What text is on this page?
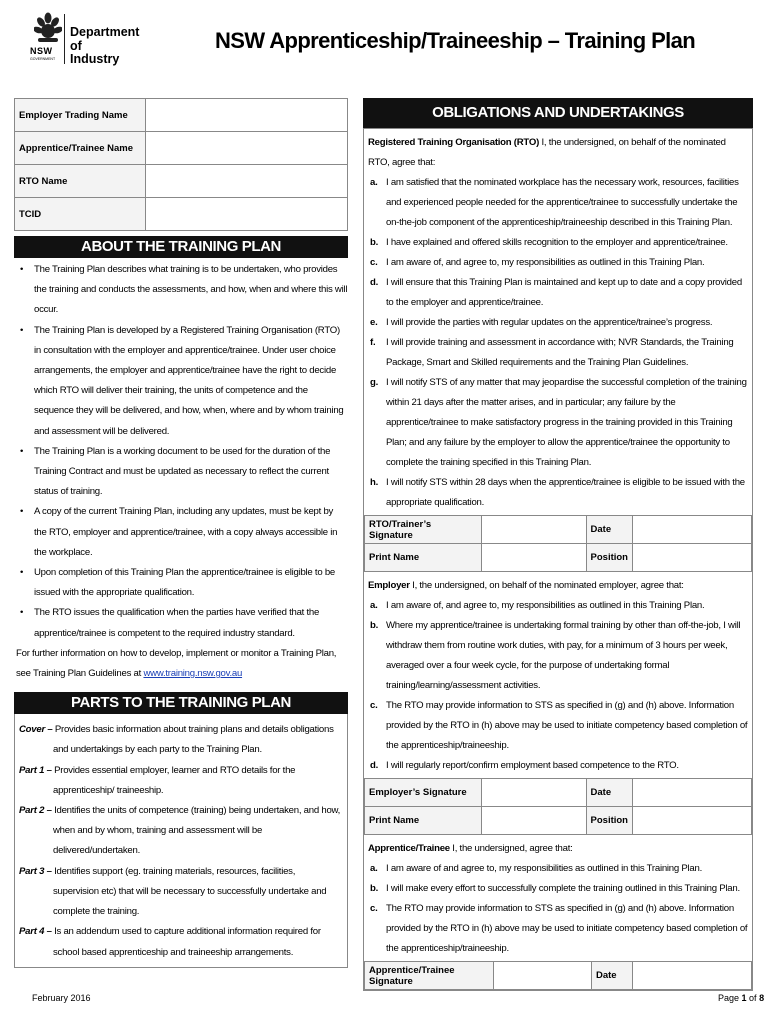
NSW
GOVERNMENT
Department
of Industry
NSW Apprenticeship/Traineeship – Training Plan
Employer Trading Name	
Apprentice/Trainee Name	
RTO Name	
TCID	
ABOUT THE TRAINING PLAN
• The Training Plan describes what training is to be undertaken, who provides the training and conducts the assessments, and how, when and where this will occur.
• The Training Plan is developed by a Registered Training Organisation (RTO) in consultation with the employer and apprentice/trainee. Under user choice arrangements, the employer and apprentice/trainee have the right to decide which RTO will deliver their training, the units of competence and the sequence they will be delivered, and how, when, where and by whom training and assessment will be delivered.
• The Training Plan is a working document to be used for the duration of the Training Contract and must be updated as necessary to reflect the current status of training.
• A copy of the current Training Plan, including any updates, must be kept by the RTO, employer and apprentice/trainee, with a copy always accessible in the workplace.
• Upon completion of this Training Plan the apprentice/trainee is eligible to be issued with the appropriate qualification.
• The RTO issues the qualification when the parties have verified that the apprentice/trainee is competent to the required industry standard.
For further information on how to develop, implement or monitor a Training Plan, see Training Plan Guidelines at www.training.nsw.gov.au
PARTS TO THE TRAINING PLAN
Cover – Provides basic information about training plans and details obligations and undertakings by each party to the Training Plan.
Part 1 – Provides essential employer, learner and RTO details for the apprenticeship/ traineeship.
Part 2 – Identifies the units of competence (training) being undertaken, and how, when and by whom, training and assessment will be delivered/undertaken.
Part 3 – Identifies support (eg. training materials, resources, facilities, supervision etc) that will be necessary to successfully undertake and complete the training.
Part 4 – Is an addendum used to capture additional information required for school based apprenticeship and traineeship arrangements.
OBLIGATIONS AND UNDERTAKINGS
Registered Training Organisation (RTO) I, the undersigned, on behalf of the nominated RTO, agree that:
a. I am satisfied that the nominated workplace has the necessary work, resources, facilities and experienced people needed for the apprentice/trainee to successfully undertake the on-the-job component of the apprenticeship/traineeship described in this Training Plan.
b. I have explained and offered skills recognition to the employer and apprentice/trainee.
c. I am aware of, and agree to, my responsibilities as outlined in this Training Plan.
d. I will ensure that this Training Plan is maintained and kept up to date and a copy provided to the employer and apprentice/trainee.
e. I will provide the parties with regular updates on the apprentice/trainee’s progress.
f. I will provide training and assessment in accordance with; NVR Standards, the Training Package, Smart and Skilled requirements and the Training Plan Guidelines.
g. I will notify STS of any matter that may jeopardise the successful completion of the training within 21 days after the matter arises, and in particular; any failure by the apprentice/trainee to make satisfactory progress in the training provided in this Training Plan; and any failure by the employer to allow the apprentice/trainee the opportunity to complete the training specified in this Training Plan.
h. I will notify STS within 28 days when the apprentice/trainee is eligible to be issued with the appropriate qualification.
RTO/Trainer’s Signature		Date	
Print Name		Position	
Employer I, the undersigned, on behalf of the nominated employer, agree that:
a. I am aware of, and agree to, my responsibilities as outlined in this Training Plan.
b. Where my apprentice/trainee is undertaking formal training by other than off-the-job, I will withdraw them from routine work duties, with pay, for a minimum of 3 hours per week, averaged over a four week cycle, for the purpose of undertaking formal training/learning/assessment activities.
c. The RTO may provide information to STS as specified in (g) and (h) above. Information provided by the RTO in (h) above may be used to initiate competency based completion of the apprenticeship/traineeship.
d. I will regularly report/confirm employment based competence to the RTO.
Employer’s Signature		Date	
Print Name		Position	
Apprentice/Trainee I, the undersigned, agree that:
a. I am aware of and agree to, my responsibilities as outlined in this Training Plan.
b. I will make every effort to successfully complete the training outlined in this Training Plan.
c. The RTO may provide information to STS as specified in (g) and (h) above. Information provided by the RTO in (h) above may be used to initiate competency based completion of the apprenticeship/traineeship.
Apprentice/Trainee Signature		Date	
February 2016	Page 1 of 8
